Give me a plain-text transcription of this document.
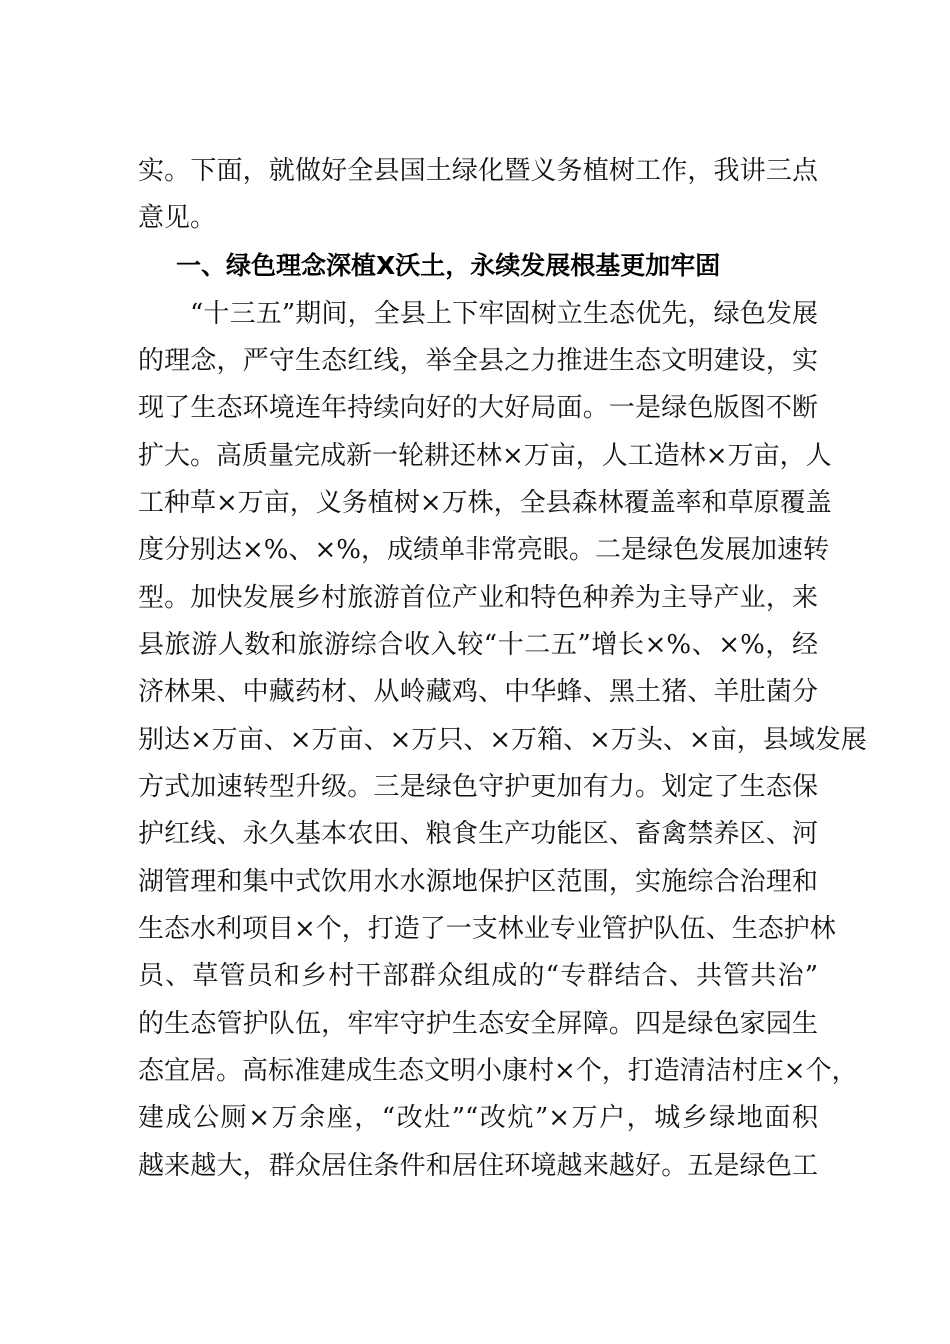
实。下面，就做好全县国土绿化暨义务植树工作，我讲三点
意见。
一、绿色理念深植X沃土，永续发展根基更加牢固
“十三五”期间，全县上下牢固树立生态优先，绿色发展
的理念，严守生态红线，举全县之力推进生态文明建设，实
现了生态环境连年持续向好的大好局面。一是绿色版图不断
扩大。高质量完成新一轮耕还林×万亩，人工造林×万亩，人
工种草×万亩，义务植树×万株，全县森林覆盖率和草原覆盖
度分别达×%、×%，成绩单非常亮眼。二是绿色发展加速转
型。加快发展乡村旅游首位产业和特色种养为主导产业，来
县旅游人数和旅游综合收入较“十二五”增长×%、×%，经
济林果、中藏药材、从岭藏鸡、中华蜂、黑土猪、羊肚菌分
别达×万亩、×万亩、×万只、×万箱、×万头、×亩，县域发展
方式加速转型升级。三是绿色守护更加有力。划定了生态保
护红线、永久基本农田、粮食生产功能区、畜禽禁养区、河
湖管理和集中式饮用水水源地保护区范围，实施综合治理和
生态水利项目×个，打造了一支林业专业管护队伍、生态护林
员、草管员和乡村干部群众组成的“专群结合、共管共治”
的生态管护队伍，牢牢守护生态安全屏障。四是绿色家园生
态宜居。高标准建成生态文明小康村×个，打造清洁村庄×个，
建成公厕×万余座，“改灶”“改炕”×万户，城乡绿地面积
越来越大，群众居住条件和居住环境越来越好。五是绿色工
